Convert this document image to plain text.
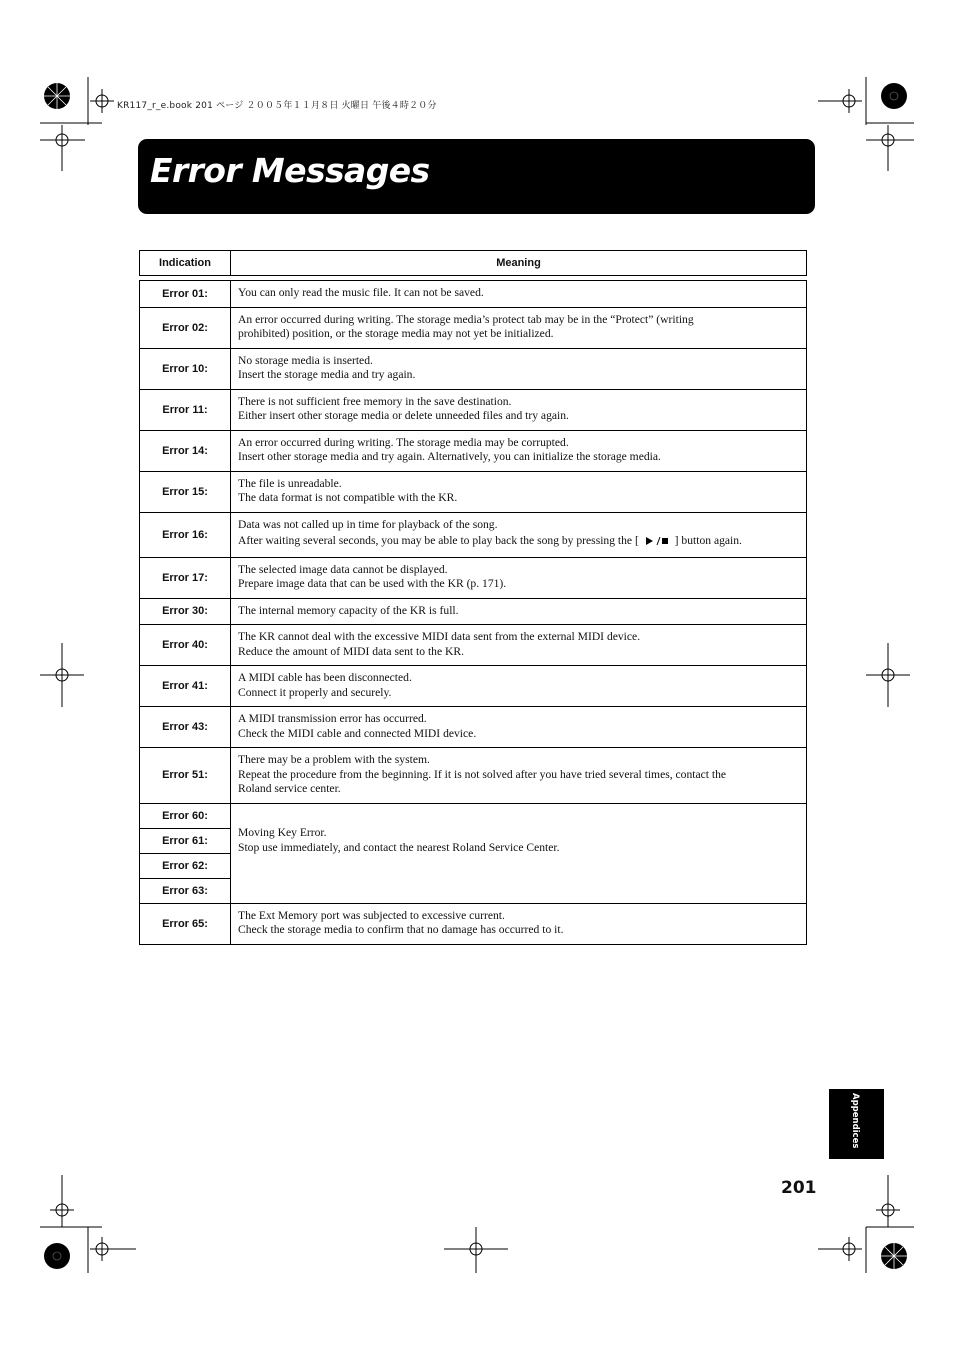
KR117_r_e.book 201 ページ ２００５年１１月８日 火曜日 午後４時２０分
Error Messages
Indication	Meaning

Error 01:	You can only read the music file. It can not be saved.

Error 02:	An error occurred during writing. The storage media’s protect tab may be in the “Protect” (writing
prohibited) position, or the storage media may not yet be initialized.

Error 10:	No storage media is inserted.
Insert the storage media and try again.

Error 11:	There is not sufficient free memory in the save destination.
Either insert other storage media or delete unneeded files and try again.

Error 14:	An error occurred during writing. The storage media may be corrupted.
Insert other storage media and try again. Alternatively, you can initialize the storage media.

Error 15:	The file is unreadable.
The data format is not compatible with the KR.

Error 16:	Data was not called up in time for playback of the song.
After waiting several seconds, you may be able to play back the song by pressing the [ ] button again.

Error 17:	The selected image data cannot be displayed.
Prepare image data that can be used with the KR (p. 171).

Error 30:	The internal memory capacity of the KR is full.

Error 40:	The KR cannot deal with the excessive MIDI data sent from the external MIDI device.
Reduce the amount of MIDI data sent to the KR.

Error 41:	A MIDI cable has been disconnected.
Connect it properly and securely.

Error 43:	A MIDI transmission error has occurred.
Check the MIDI cable and connected MIDI device.

Error 51:	There may be a problem with the system.
Repeat the procedure from the beginning. If it is not solved after you have tried several times, contact the
Roland service center.

Error 60:	Moving Key Error.
Stop use immediately, and contact the nearest Roland Service Center.

Error 61:	
Error 62:	
Error 63:	
Error 65:	The Ext Memory port was subjected to excessive current.
Check the storage media to confirm that no damage has occurred to it.
Appendices
201
